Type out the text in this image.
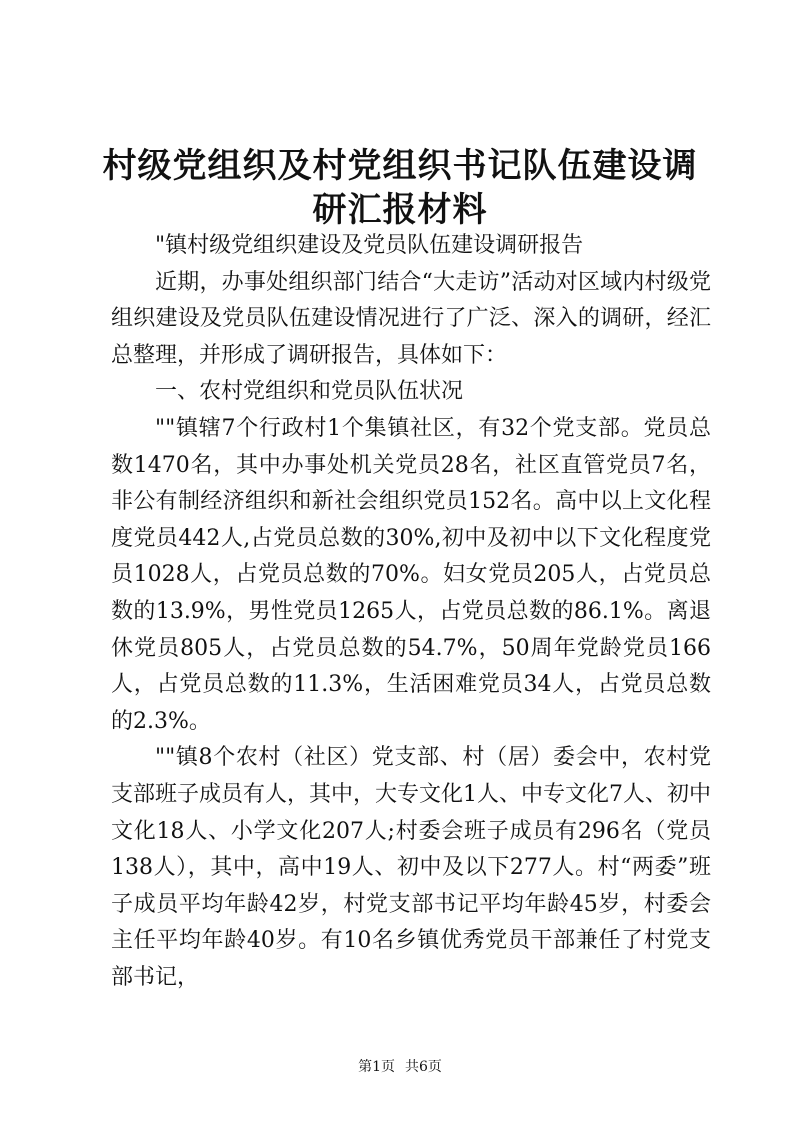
村级党组织及村党组织书记队伍建设调研汇报材料

"镇村级党组织建设及党员队伍建设调研报告

近期，办事处组织部门结合“大走访”活动对区域内村级党组织建设及党员队伍建设情况进行了广泛、深入的调研，经汇总整理，并形成了调研报告，具体如下：

一、农村党组织和党员队伍状况

""镇辖7个行政村1个集镇社区，有32个党支部。党员总数1470名，其中办事处机关党员28名，社区直管党员7名，非公有制经济组织和新社会组织党员152名。高中以上文化程度党员442人,占党员总数的30%,初中及初中以下文化程度党员1028人，占党员总数的70%。妇女党员205人，占党员总数的13.9%，男性党员1265人，占党员总数的86.1%。离退休党员805人，占党员总数的54.7%，50周年党龄党员166人，占党员总数的11.3%，生活困难党员34人，占党员总数的2.3%。

""镇8个农村（社区）党支部、村（居）委会中，农村党支部班子成员有人，其中，大专文化1人、中专文化7人、初中文化18人、小学文化207人;村委会班子成员有296名（党员138人），其中，高中19人、初中及以下277人。村“两委”班子成员平均年龄42岁，村党支部书记平均年龄45岁，村委会主任平均年龄40岁。有10名乡镇优秀党员干部兼任了村党支部书记，

第1页 共6页
